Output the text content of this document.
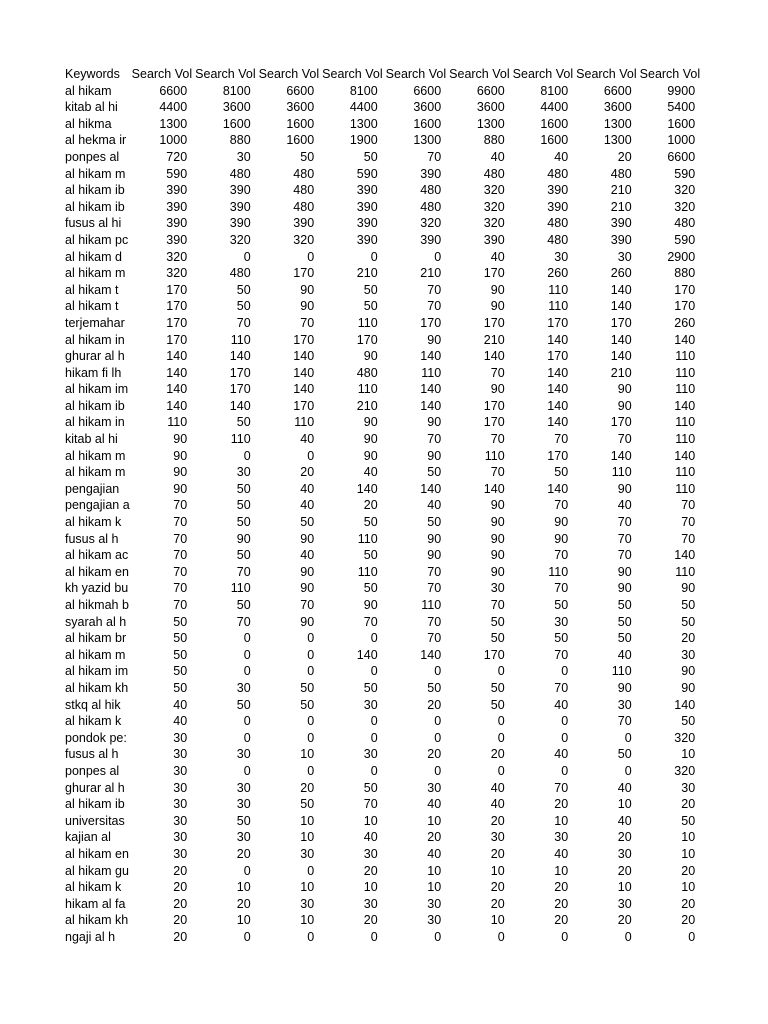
Keywords	Search Vol	Search Vol	Search Vol	Search Vol	Search Vol	Search Vol	Search Vol	Search Vol	Search Vol
al hikam	6600	8100	6600	8100	6600	6600	8100	6600	9900
kitab al hi	4400	3600	3600	4400	3600	3600	4400	3600	5400
al hikma	1300	1600	1600	1300	1600	1300	1600	1300	1600
al hekma ir	1000	880	1600	1900	1300	880	1600	1300	1000
ponpes al	720	30	50	50	70	40	40	20	6600
al hikam m	590	480	480	590	390	480	480	480	590
al hikam ib	390	390	480	390	480	320	390	210	320
al hikam ib	390	390	480	390	480	320	390	210	320
fusus al hi	390	390	390	390	320	320	480	390	480
al hikam pc	390	320	320	390	390	390	480	390	590
al hikam d	320	0	0	0	0	40	30	30	2900
al hikam m	320	480	170	210	210	170	260	260	880
al hikam t	170	50	90	50	70	90	110	140	170
al hikam t	170	50	90	50	70	90	110	140	170
terjemahar	170	70	70	110	170	170	170	170	260
al hikam in	170	110	170	170	90	210	140	140	140
ghurar al h	140	140	140	90	140	140	170	140	110
hikam fi lh	140	170	140	480	110	70	140	210	110
al hikam im	140	170	140	110	140	90	140	90	110
al hikam ib	140	140	170	210	140	170	140	90	140
al hikam in	110	50	110	90	90	170	140	170	110
kitab al hi	90	110	40	90	70	70	70	70	110
al hikam m	90	0	0	90	90	110	170	140	140
al hikam m	90	30	20	40	50	70	50	110	110
pengajian	90	50	40	140	140	140	140	90	110
pengajian a	70	50	40	20	40	90	70	40	70
al hikam k	70	50	50	50	50	90	90	70	70
fusus al h	70	90	90	110	90	90	90	70	70
al hikam ac	70	50	40	50	90	90	70	70	140
al hikam en	70	70	90	110	70	90	110	90	110
kh yazid bu	70	110	90	50	70	30	70	90	90
al hikmah b	70	50	70	90	110	70	50	50	50
syarah al h	50	70	90	70	70	50	30	50	50
al hikam br	50	0	0	0	70	50	50	50	20
al hikam m	50	0	0	140	140	170	70	40	30
al hikam im	50	0	0	0	0	0	0	110	90
al hikam kh	50	30	50	50	50	50	70	90	90
stkq al hik	40	50	50	30	20	50	40	30	140
al hikam k	40	0	0	0	0	0	0	70	50
pondok pe:	30	0	0	0	0	0	0	0	320
fusus al h	30	30	10	30	20	20	40	50	10
ponpes al	30	0	0	0	0	0	0	0	320
ghurar al h	30	30	20	50	30	40	70	40	30
al hikam ib	30	30	50	70	40	40	20	10	20
universitas	30	50	10	10	10	20	10	40	50
kajian al	30	30	10	40	20	30	30	20	10
al hikam en	30	20	30	30	40	20	40	30	10
al hikam gu	20	0	0	20	10	10	10	20	20
al hikam k	20	10	10	10	10	20	20	10	10
hikam al fa	20	20	30	30	30	20	20	30	20
al hikam kh	20	10	10	20	30	10	20	20	20
ngaji al h	20	0	0	0	0	0	0	0	0
